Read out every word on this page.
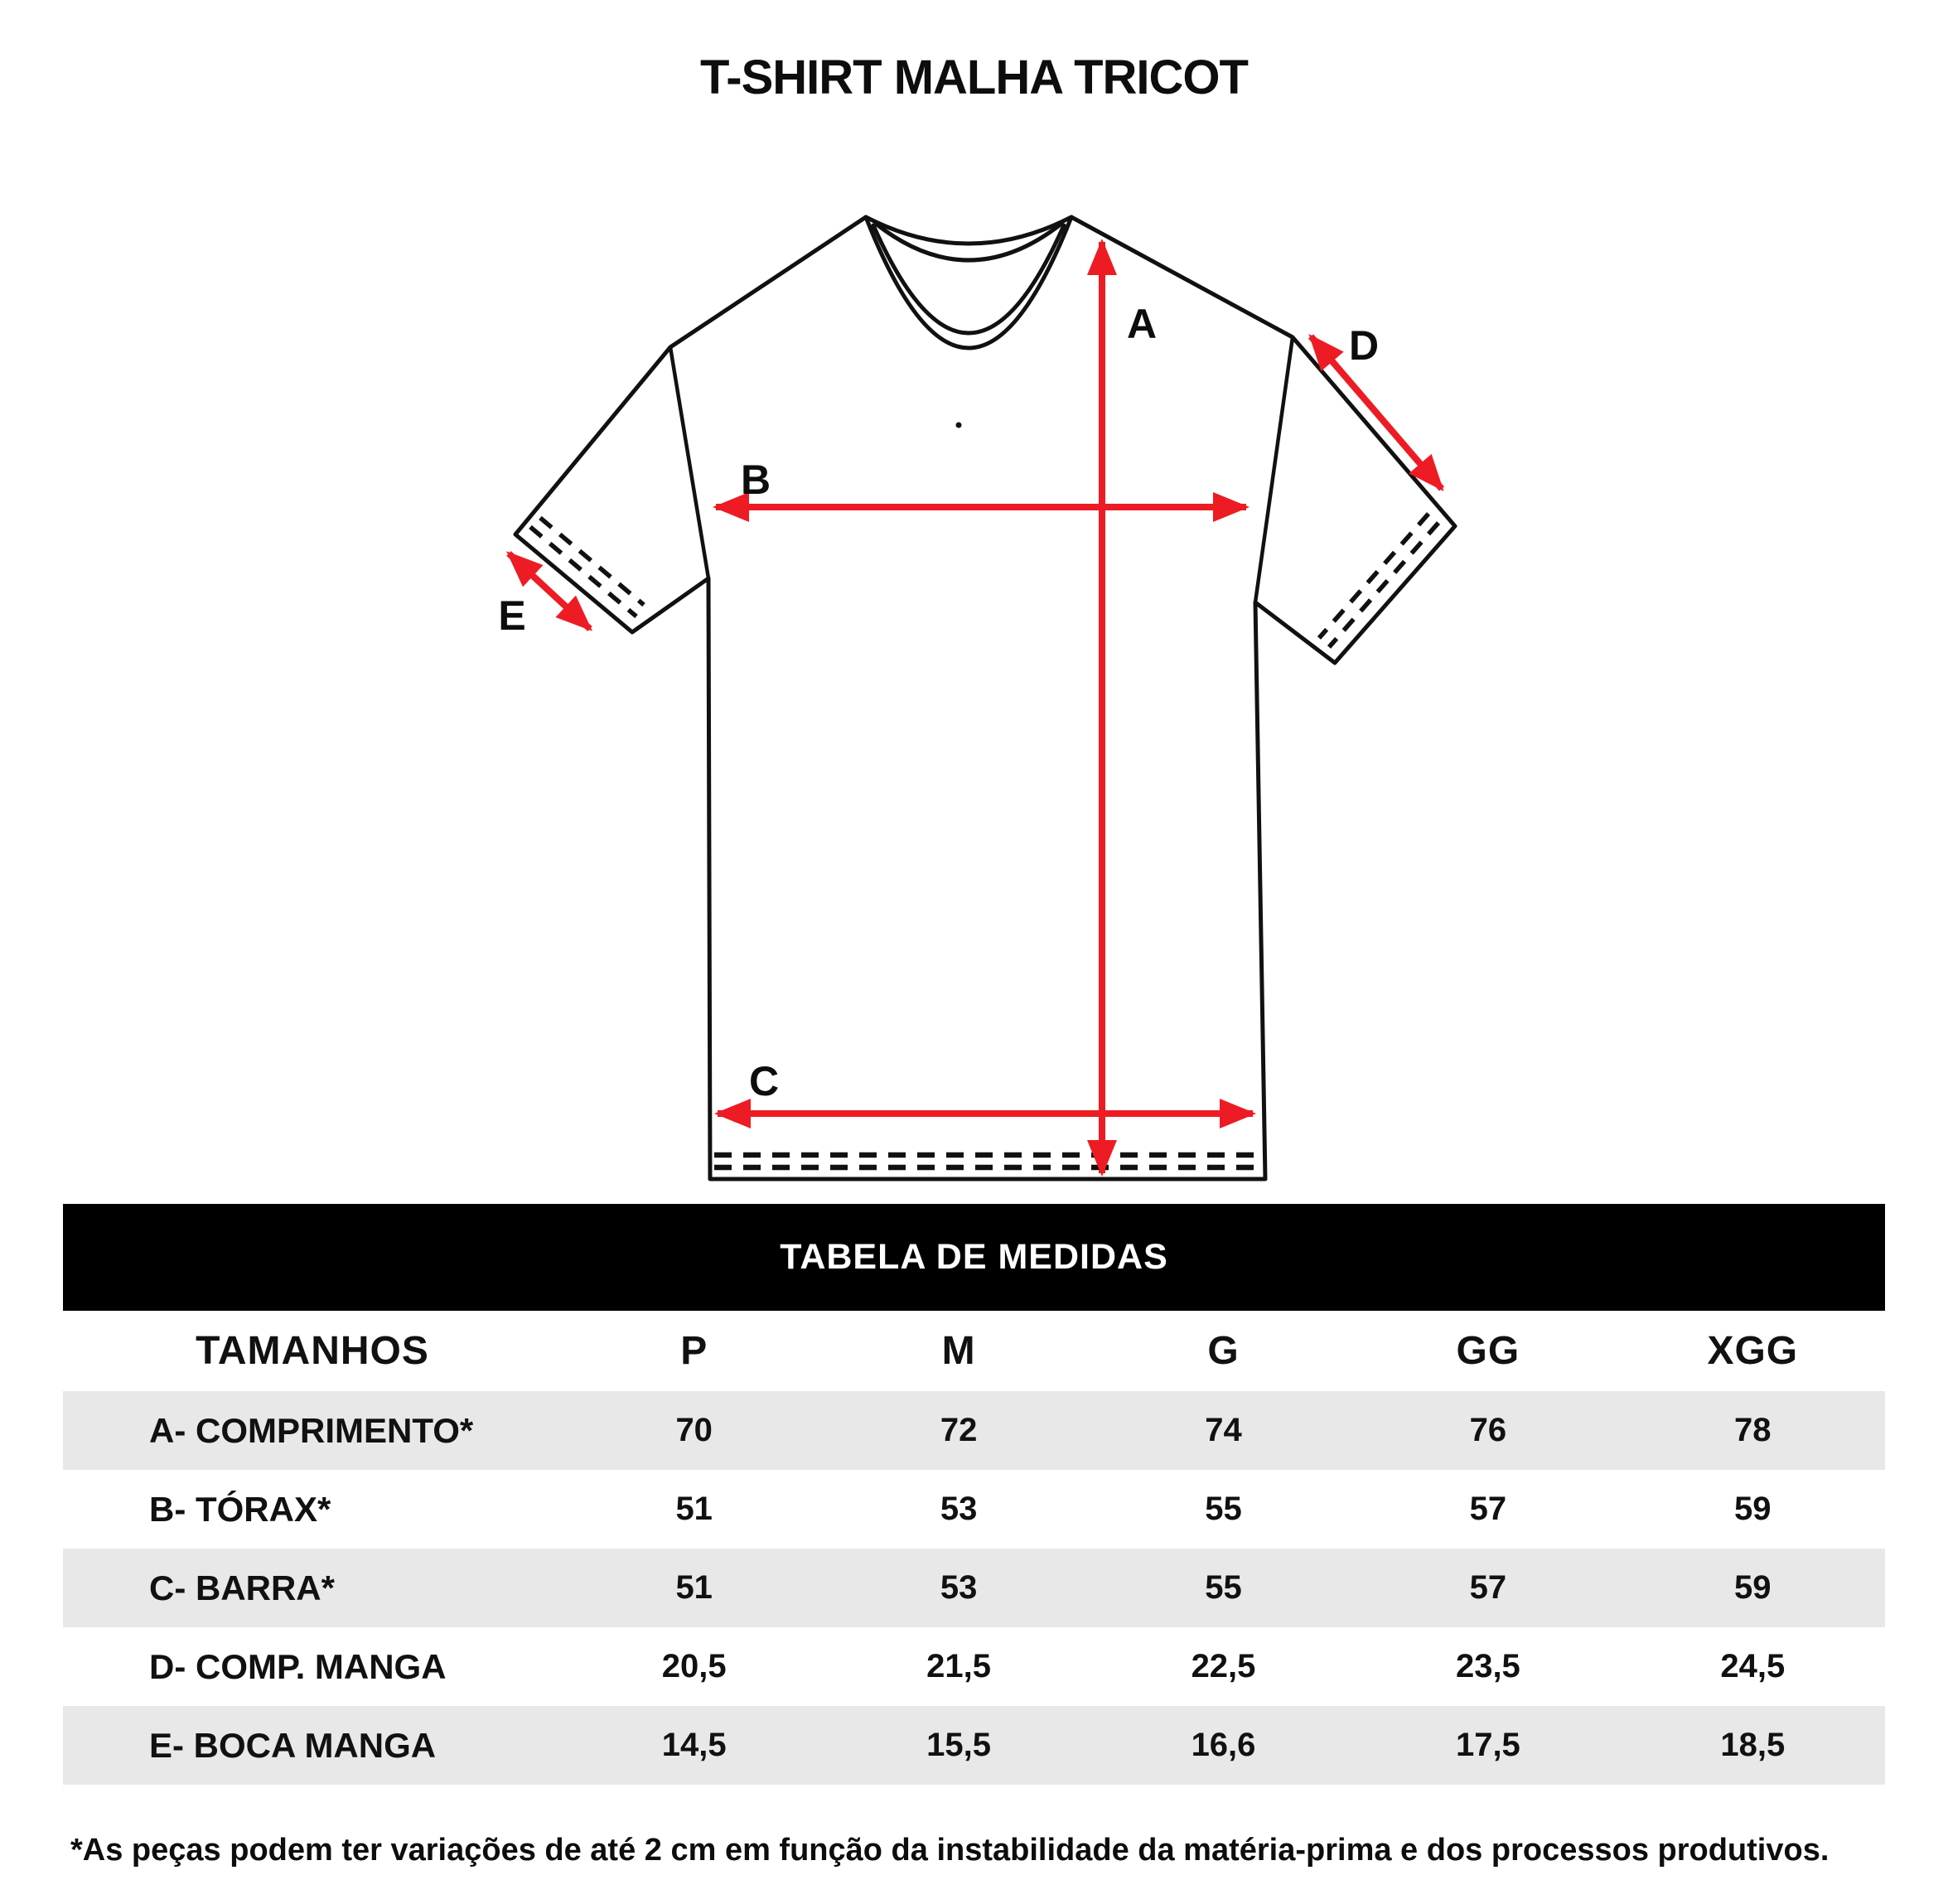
T-SHIRT MALHA TRICOT
A
B
C
D
E
TABELA DE MEDIDAS
TAMANHOS	P	M	G	GG	XGG
A- COMPRIMENTO*	70	72	74	76	78
B- TÓRAX*	51	53	55	57	59
C- BARRA*	51	53	55	57	59
D- COMP. MANGA	20,5	21,5	22,5	23,5	24,5
E- BOCA MANGA	14,5	15,5	16,6	17,5	18,5
*As peças podem ter variações de até 2 cm em função da instabilidade da matéria-prima e dos processos produtivos.
